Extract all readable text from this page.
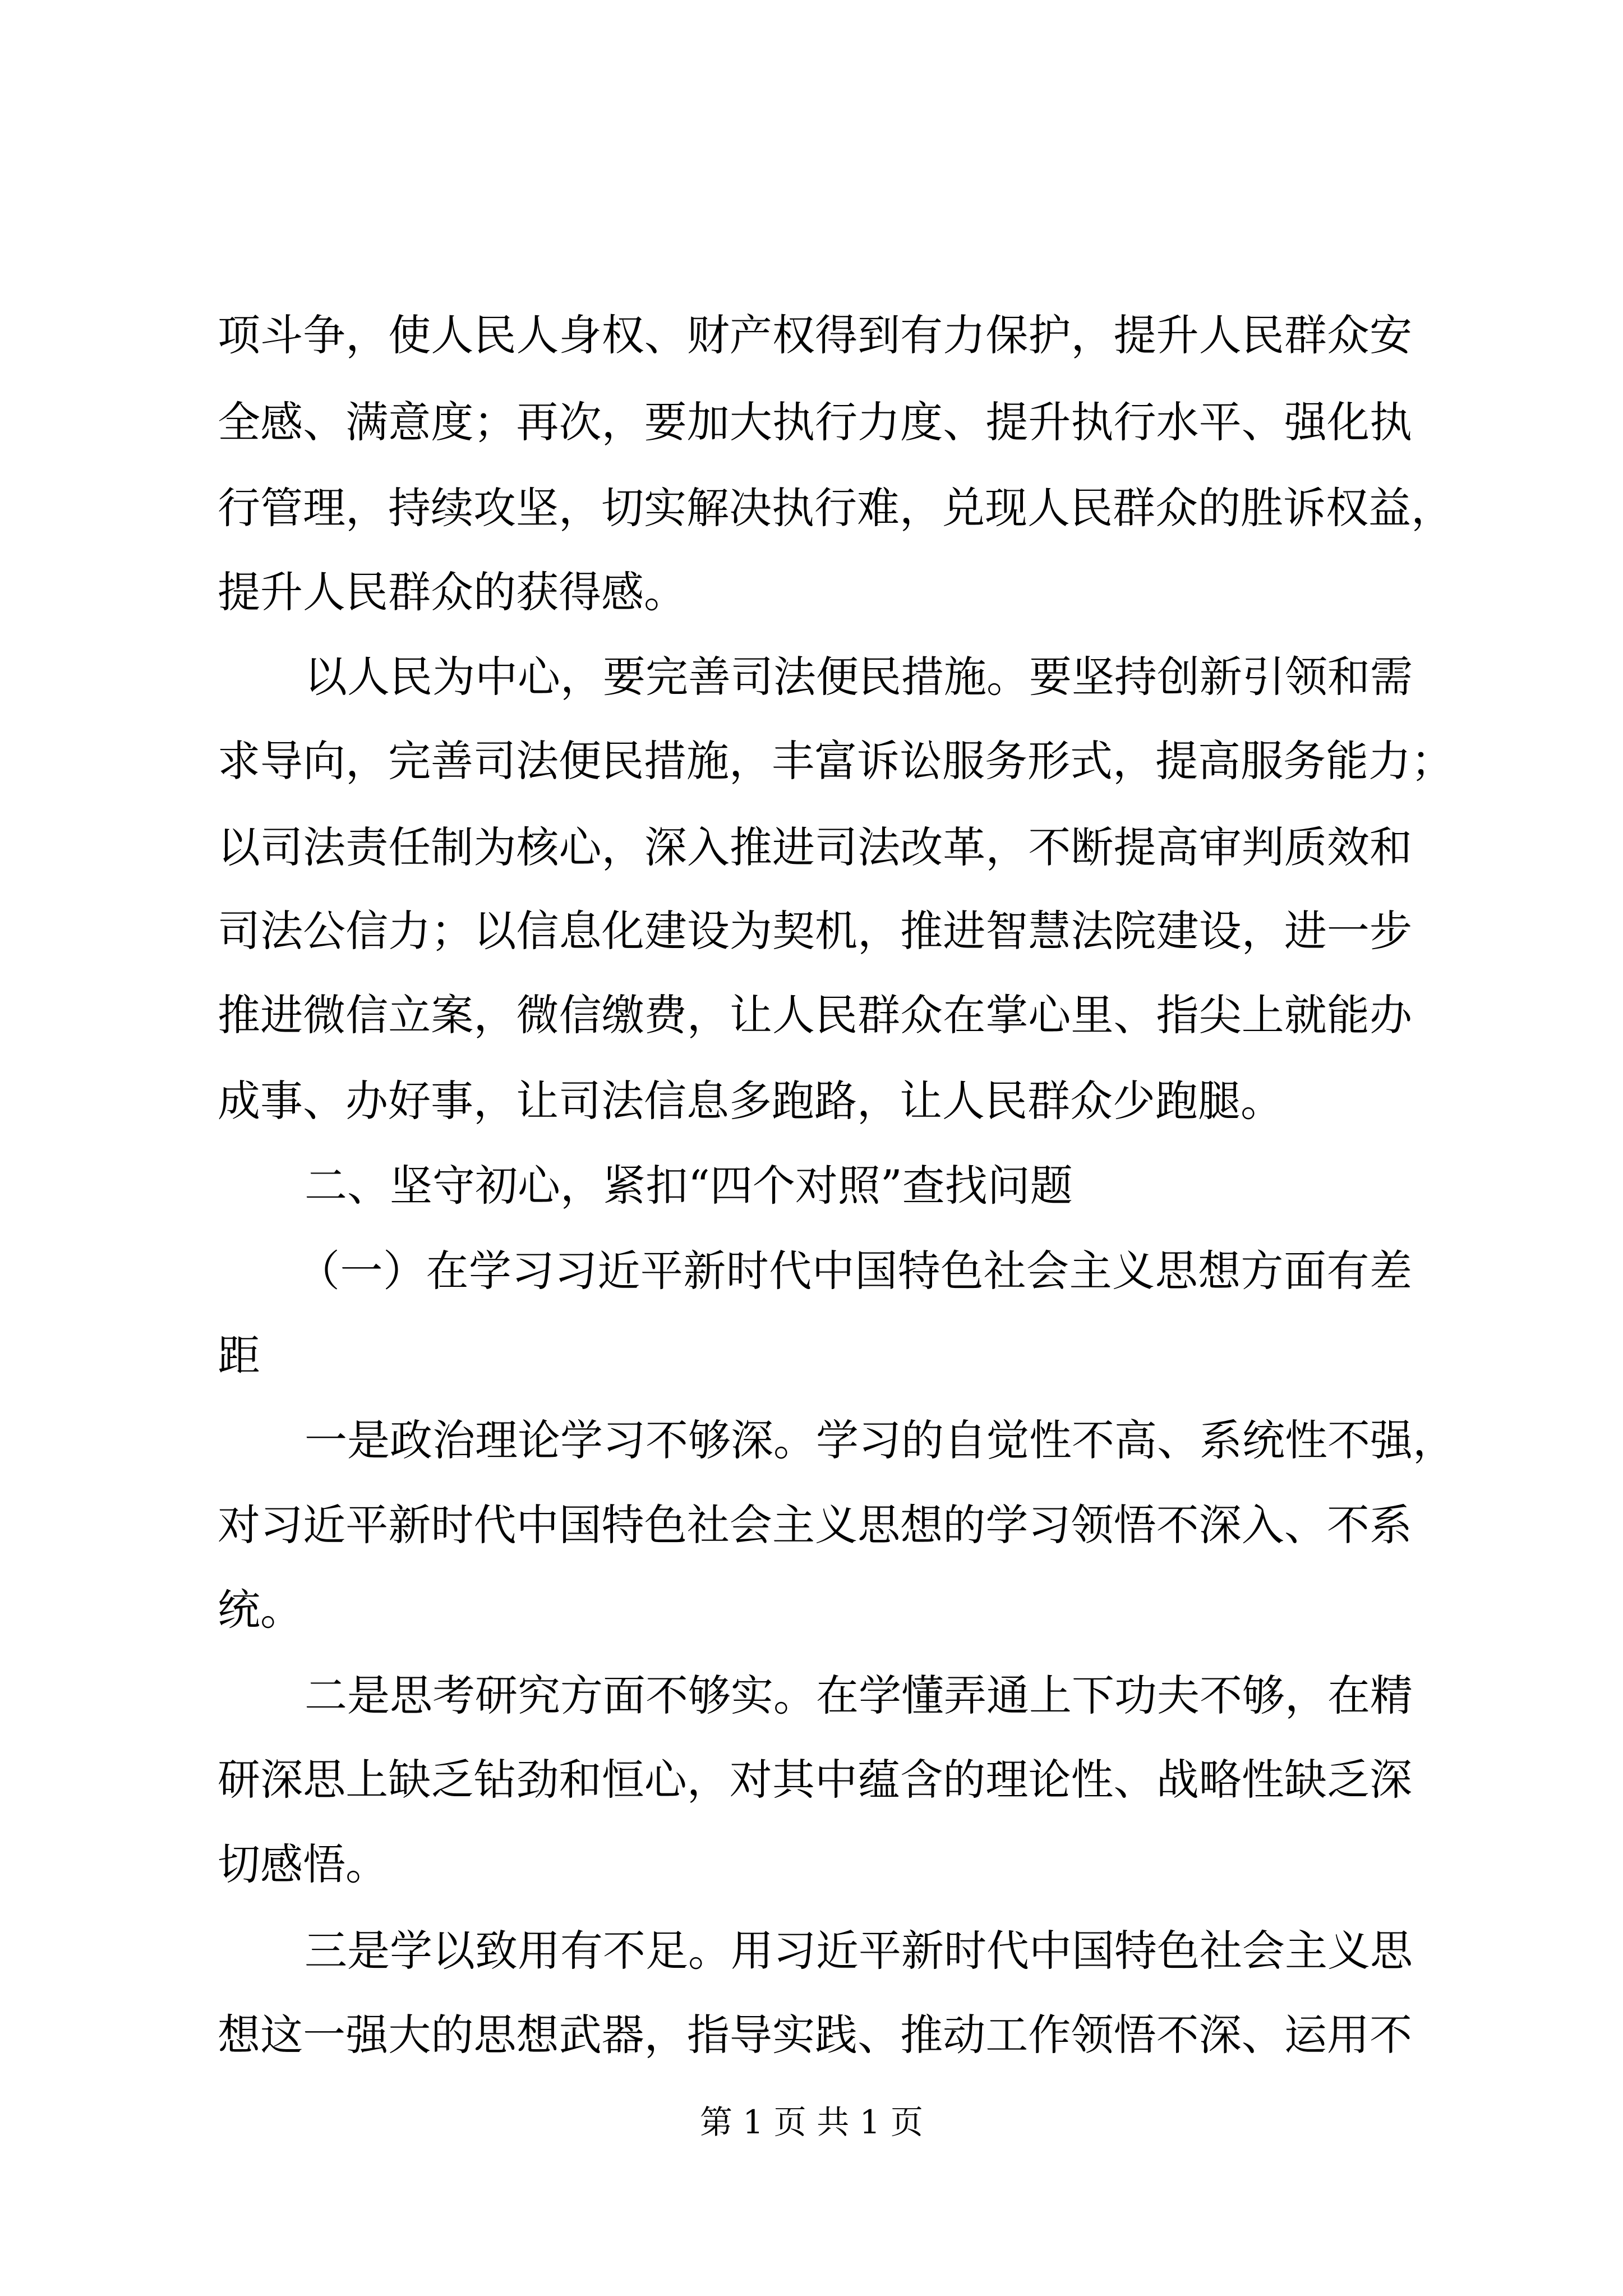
项斗争，使人民人身权、财产权得到有力保护，提升人民群众安
全感、满意度；再次，要加大执行力度、提升执行水平、强化执
行管理，持续攻坚，切实解决执行难，兑现人民群众的胜诉权益，
提升人民群众的获得感。
以人民为中心，要完善司法便民措施。要坚持创新引领和需
求导向，完善司法便民措施，丰富诉讼服务形式，提高服务能力；
以司法责任制为核心，深入推进司法改革，不断提高审判质效和
司法公信力；以信息化建设为契机，推进智慧法院建设，进一步
推进微信立案，微信缴费，让人民群众在掌心里、指尖上就能办
成事、办好事，让司法信息多跑路，让人民群众少跑腿。
二、坚守初心，紧扣“四个对照”查找问题
（一）在学习习近平新时代中国特色社会主义思想方面有差
距
一是政治理论学习不够深。学习的自觉性不高、系统性不强，
对习近平新时代中国特色社会主义思想的学习领悟不深入、不系
统。
二是思考研究方面不够实。在学懂弄通上下功夫不够，在精
研深思上缺乏钻劲和恒心，对其中蕴含的理论性、战略性缺乏深
切感悟。
三是学以致用有不足。用习近平新时代中国特色社会主义思
想这一强大的思想武器，指导实践、推动工作领悟不深、运用不
第 1 页 共 1 页
